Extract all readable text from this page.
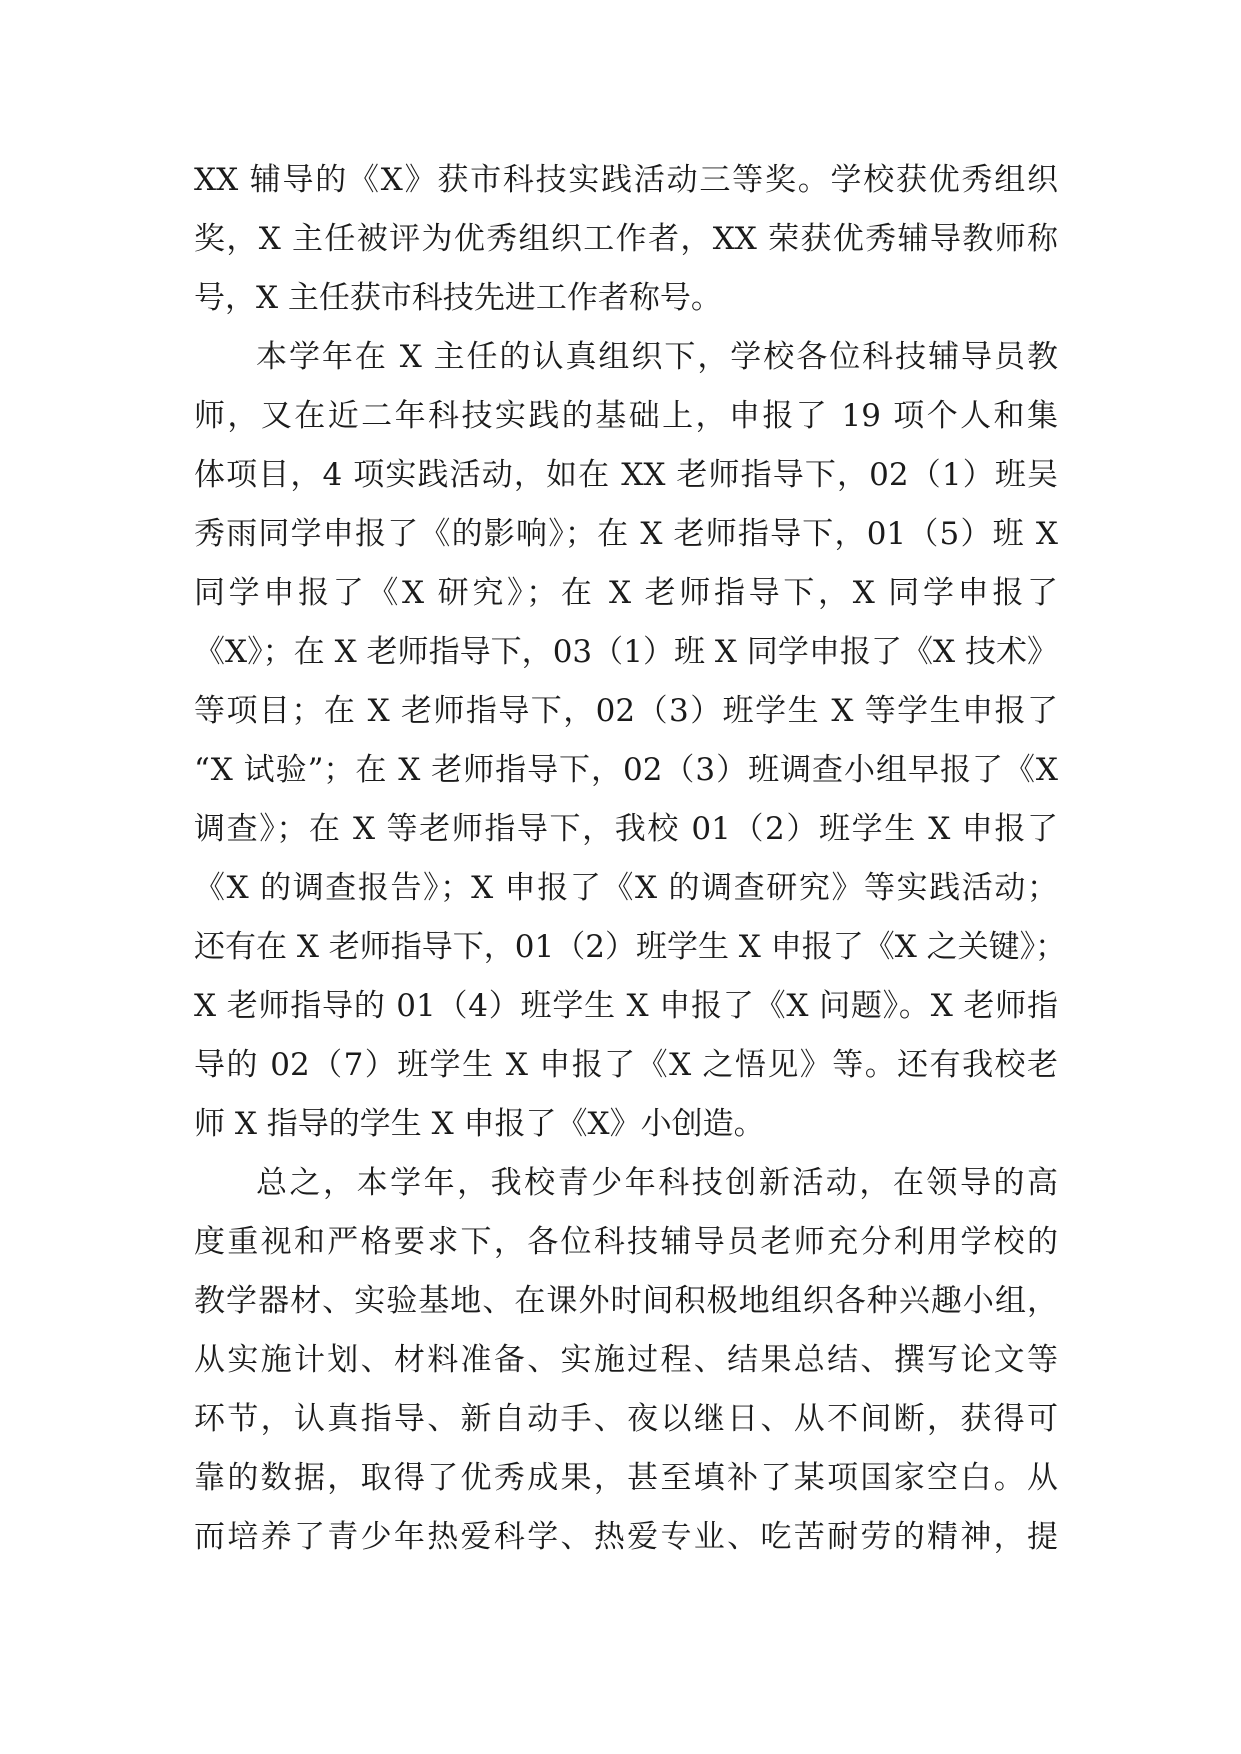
XX 辅导的《X》获市科技实践活动三等奖。学校获优秀组织
奖，X 主任被评为优秀组织工作者，XX 荣获优秀辅导教师称
号，X 主任获市科技先进工作者称号。
本学年在 X 主任的认真组织下，学校各位科技辅导员教
师，又在近二年科技实践的基础上，申报了 19 项个人和集
体项目，4 项实践活动，如在 XX 老师指导下，02（1）班吴
秀雨同学申报了《的影响》；在 X 老师指导下，01（5）班 X
同学申报了《X 研究》；在 X 老师指导下，X 同学申报了
《X》；在 X 老师指导下，03（1）班 X 同学申报了《X 技术》
等项目；在 X 老师指导下，02（3）班学生 X 等学生申报了
“X 试验”；在 X 老师指导下，02（3）班调查小组早报了《X
调查》；在 X 等老师指导下，我校 01（2）班学生 X 申报了
《X 的调查报告》；X 申报了《X 的调查研究》等实践活动；
还有在 X 老师指导下，01（2）班学生 X 申报了《X 之关键》；
X 老师指导的 01（4）班学生 X 申报了《X 问题》。X 老师指
导的 02（7）班学生 X 申报了《X 之悟见》等。还有我校老
师 X 指导的学生 X 申报了《X》小创造。
总之，本学年，我校青少年科技创新活动，在领导的高
度重视和严格要求下，各位科技辅导员老师充分利用学校的
教学器材、实验基地、在课外时间积极地组织各种兴趣小组，
从实施计划、材料准备、实施过程、结果总结、撰写论文等
环节，认真指导、新自动手、夜以继日、从不间断，获得可
靠的数据，取得了优秀成果，甚至填补了某项国家空白。从
而培养了青少年热爱科学、热爱专业、吃苦耐劳的精神，提
